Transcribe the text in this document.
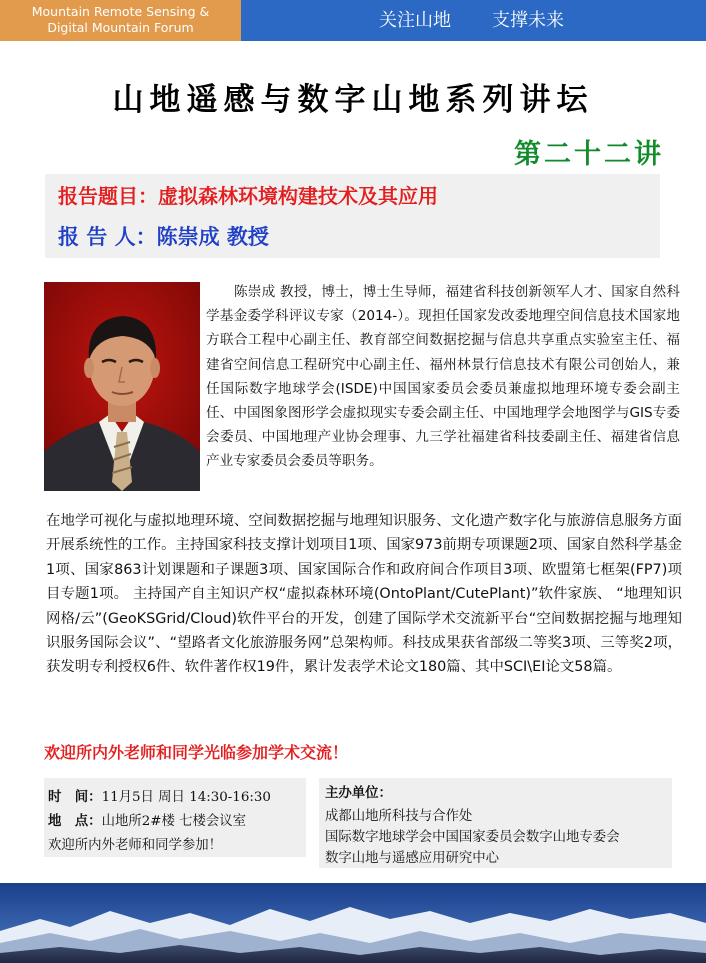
Mountain Remote Sensing &
Digital Mountain Forum	关注山地 支撑未来
山地遥感与数字山地系列讲坛
第二十二讲
报告题目：虚拟森林环境构建技术及其应用
报 告 人：陈崇成 教授
陈崇成 教授，博士，博士生导师，福建省科技创新领军人才、国家自然科学基金委学科评议专家（2014-）。现担任国家发改委地理空间信息技术国家地方联合工程中心副主任、教育部空间数据挖掘与信息共享重点实验室主任、福建省空间信息工程研究中心副主任、福州林景行信息技术有限公司创始人，兼任国际数字地球学会(ISDE)中国国家委员会委员兼虚拟地理环境专委会副主任、中国图象图形学会虚拟现实专委会副主任、中国地理学会地图学与GIS专委会委员、中国地理产业协会理事、九三学社福建省科技委副主任、福建省信息产业专家委员会委员等职务。
在地学可视化与虚拟地理环境、空间数据挖掘与地理知识服务、文化遗产数字化与旅游信息服务方面开展系统性的工作。主持国家科技支撑计划项目1项、国家973前期专项课题2项、国家自然科学基金1项、国家863计划课题和子课题3项、国家国际合作和政府间合作项目3项、欧盟第七框架(FP7)项目专题1项。 主持国产自主知识产权“虚拟森林环境(OntoPlant/CutePlant)”软件家族、 “地理知识网格/云”(GeoKSGrid/Cloud)软件平台的开发，创建了国际学术交流新平台“空间数据挖掘与地理知识服务国际会议”、“望路者文化旅游服务网”总架构师。科技成果获省部级二等奖3项、三等奖2项，获发明专利授权6件、软件著作权19件，累计发表学术论文180篇、其中SCI\EI论文58篇。
欢迎所内外老师和同学光临参加学术交流！
时　间：11月5日 周日 14:30-16:30
地　点：山地所2#楼 七楼会议室
欢迎所内外老师和同学参加！
主办单位：
成都山地所科技与合作处
国际数字地球学会中国国家委员会数字山地专委会
数字山地与遥感应用研究中心
